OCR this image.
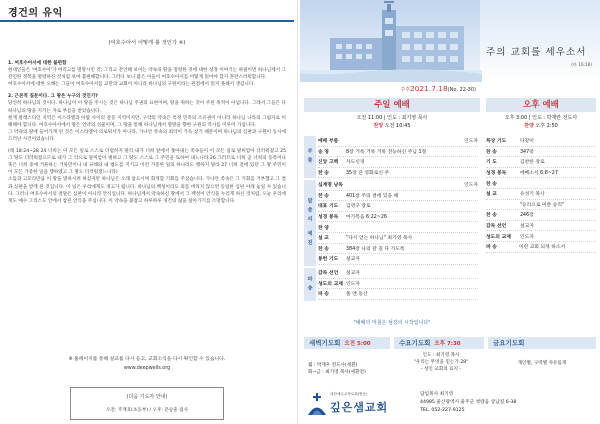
경건의 유익
(여호수아서 어떻게 볼 것인가 ⑥)

1. 여호수아서에 대한 불편함

현대인들은 '여호수아'가 여리고를 멸망시킨 것, 그리고 잔인해 보이는 약속의 땅을 점령한 것에 대한 성경 이야기는 하필이면 하나님께서 그 잔인한 정복을 명령하신 것처럼 보여 불편해합니다. 그러다 보니 많은 이들이 여호수아서를 어떻게 읽어야 할지 혼란스러워합니다.

여호수아서에 대한 오해는 그들이 여호수아서를 교만의 교회이 아니라 하나님의 구원이라는 관점에서 읽지 못해서 생깁니다.

2. 근본적 질문이다. 그 땅은 누구의 것인가?

당연히 하나님의 것이다. 하나님이 이 땅을 주시는 것은 하나님 주권의 표현이며, 땅을 취하는 것이 주된 목적이 아닙니다. 그래서 그들은 다 하나님의 땅을 지키는 자로 부름을 받았습니다.

현재 팔레스타인 지역은 이스라엘과 아랍 사이의 갈등 지역이지만, 구약의 약속은 특정 민족의 소유권이 아니라 하나님 나라의 그림자로 이해해야 합니다. 여호수아서에서 땅은 언약의 선물이며, 그 땅을 통해 하나님께서 열방을 향한 구원의 역사를 이루어 가십니다.

그 약속의 땅에 들어가게 된 것은 이스라엘이 의로워서가 아니라, 가나안 족속의 죄악이 가득 찼기 때문이며 하나님의 심판과 구원이 동시에 드러난 사건이었습니다.

(레 18:24~28 24 너희는 이 모든 일로 스스로 더럽히지 말라 내가 너희 앞에서 쫓아내는 족속들이 이 모든 일로 말미암아 더러워졌고 25 그 땅도 더러워졌으므로 내가 그 악으로 말미암아 벌하고 그 땅도 스스로 그 주민을 토하여 내느니라 26 그러므로 너희 곧 너희의 동족이나 혹은 너희 중에 거류하는 거류민이나 내 규례와 내 법도를 지키고 이런 가증한 일의 하나라도 행하지 말라 27 너희 전에 있던 그 땅 주민이 이 모든 가증한 일을 행하였고 그 땅도 더러워졌느니라)

소돔과 고모라만큼 이 땅을 멸하시려 하셨지만 하나님은 오래 참으시며 회개할 기회를 주셨습니다. 가나안 족속은 그 기회를 거부했고 그 결과 심판을 받게 된 것입니다. 이 일은 우리에게도 경고가 됩니다. 하나님의 백성이라도 죄를 버리지 않으면 동일한 심판 아래 놓일 수 있습니다. 그러나 여호수아서의 결말은 심판이 아니라 안식입니다. 하나님께서 약속하신 땅에서 그 백성이 안식을 누리게 하신 것처럼, 오늘 우리에게도 예수 그리스도 안에서 참된 안식을 주십니다. 이 약속을 붙잡고 하루하루 경건의 삶을 살아가기를 소망합니다.

※ 홈페이지를 통해 설교를 다시 듣고, 교회소식을 다시 확인할 수 있습니다.
www.deepwells.org
(다음 기도자 안내)
오전: 주재호(초등부) / 오후: 문승훈 집사
주의 교회를 세우소서
(마 16:18)
주후2021.7.18(No. 22-30)
주일 예배
오전 11:00 | 인도 : 최기영 목사
찬양 오전 10:45
부름
말씀의 예전
파송
예배 부름	인도자
송 영	8장 거룩 거룩 거룩 전능하신 주님 1절
신앙 고백	사도신경
찬 송	35장 큰 영화로신 주
십계명 낭독	인도자
찬 송	401장 주의 곁에 있을 때
대표 기도	김영구 장로
성경 봉독	마가복음 6:22~26
찬 양
설 교	"다시 얻는 하나님" 최기영 목사
찬 송	384장 나의 갈 길 다 가도록
봉헌 기도	설교자
감독 선언	설교자
성도의 교제 인도자
파 송	폴 앤 동산
"예배의 마침은 섬김의 시작입니다"
오후 예배
오후 3:00 | 인도 : 박재란 전도사
찬양 오후 2:50
묵상 기도	다같이
찬 송	347장
기 도	김찬한 장로
성경 봉독	에베소서 6:8~27
찬 송
설 교	유성기 목사
"승리으로 이룬 승리"
찬 송	246장
감독 선언	설교자
성도의 교제	인도자
파 송	이런 교회 되게 하소서
새벽기도회 오전 5:00	수요기도회 오후 7:30	금요기도회
월 : 박재우 전도사(세환)
화~금 : 최기영 목사(세환전)
인도 : 최기영 목사
"우리는 무엇을 믿는가 28"
- 성인 교회의 표지 -
개인별, 구역별 자유롭게
대한예수교장로회(합동)
깊은샘교회
담임목사 최기영
44985 울산광역시 울주군 청량읍 상남길 6-38
TEL. 052-227-9125
